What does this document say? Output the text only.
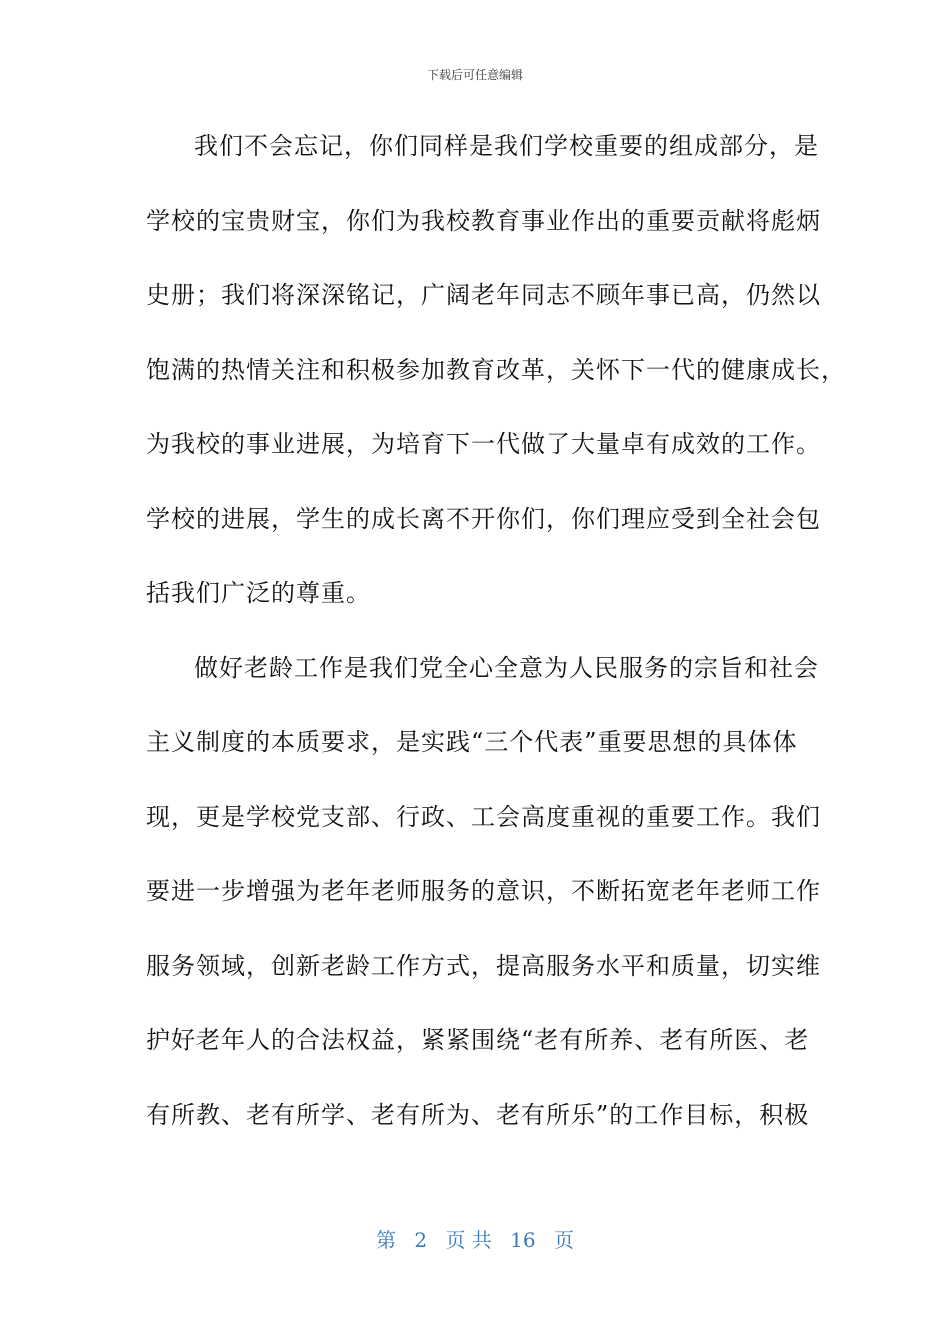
下载后可任意编辑
我们不会忘记，你们同样是我们学校重要的组成部分，是
学校的宝贵财宝，你们为我校教育事业作出的重要贡献将彪炳
史册；我们将深深铭记，广阔老年同志不顾年事已高，仍然以
饱满的热情关注和积极参加教育改革，关怀下一代的健康成长，
为我校的事业进展，为培育下一代做了大量卓有成效的工作。
学校的进展，学生的成长离不开你们，你们理应受到全社会包
括我们广泛的尊重。
做好老龄工作是我们党全心全意为人民服务的宗旨和社会
主义制度的本质要求，是实践“三个代表”重要思想的具体体
现，更是学校党支部、行政、工会高度重视的重要工作。我们
要进一步增强为老年老师服务的意识，不断拓宽老年老师工作
服务领域，创新老龄工作方式，提高服务水平和质量，切实维
护好老年人的合法权益，紧紧围绕“老有所养、老有所医、老
有所教、老有所学、老有所为、老有所乐”的工作目标，积极
第 2 页 共 16 页
